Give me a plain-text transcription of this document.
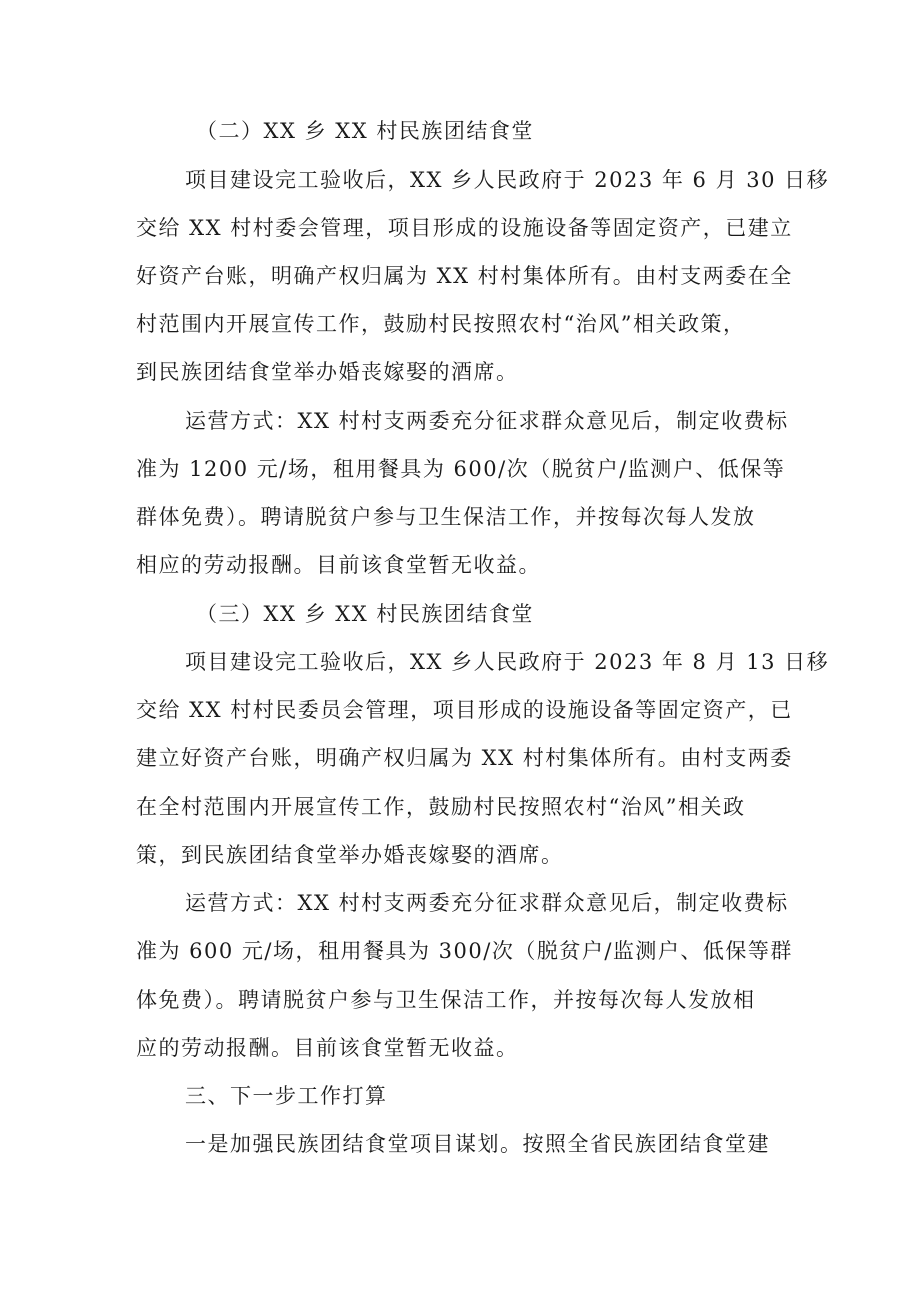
（二）XX 乡 XX 村民族团结食堂
项目建设完工验收后，XX 乡人民政府于 2023 年 6 月 30 日移
交给 XX 村村委会管理，项目形成的设施设备等固定资产，已建立
好资产台账，明确产权归属为 XX 村村集体所有。由村支两委在全
村范围内开展宣传工作，鼓励村民按照农村“治风”相关政策，
到民族团结食堂举办婚丧嫁娶的酒席。
运营方式：XX 村村支两委充分征求群众意见后，制定收费标
准为 1200 元/场，租用餐具为 600/次（脱贫户/监测户、低保等
群体免费）。聘请脱贫户参与卫生保洁工作，并按每次每人发放
相应的劳动报酬。目前该食堂暂无收益。
（三）XX 乡 XX 村民族团结食堂
项目建设完工验收后，XX 乡人民政府于 2023 年 8 月 13 日移
交给 XX 村村民委员会管理，项目形成的设施设备等固定资产，已
建立好资产台账，明确产权归属为 XX 村村集体所有。由村支两委
在全村范围内开展宣传工作，鼓励村民按照农村“治风”相关政
策，到民族团结食堂举办婚丧嫁娶的酒席。
运营方式：XX 村村支两委充分征求群众意见后，制定收费标
准为 600 元/场，租用餐具为 300/次（脱贫户/监测户、低保等群
体免费）。聘请脱贫户参与卫生保洁工作，并按每次每人发放相
应的劳动报酬。目前该食堂暂无收益。
三、下一步工作打算
一是加强民族团结食堂项目谋划。按照全省民族团结食堂建
